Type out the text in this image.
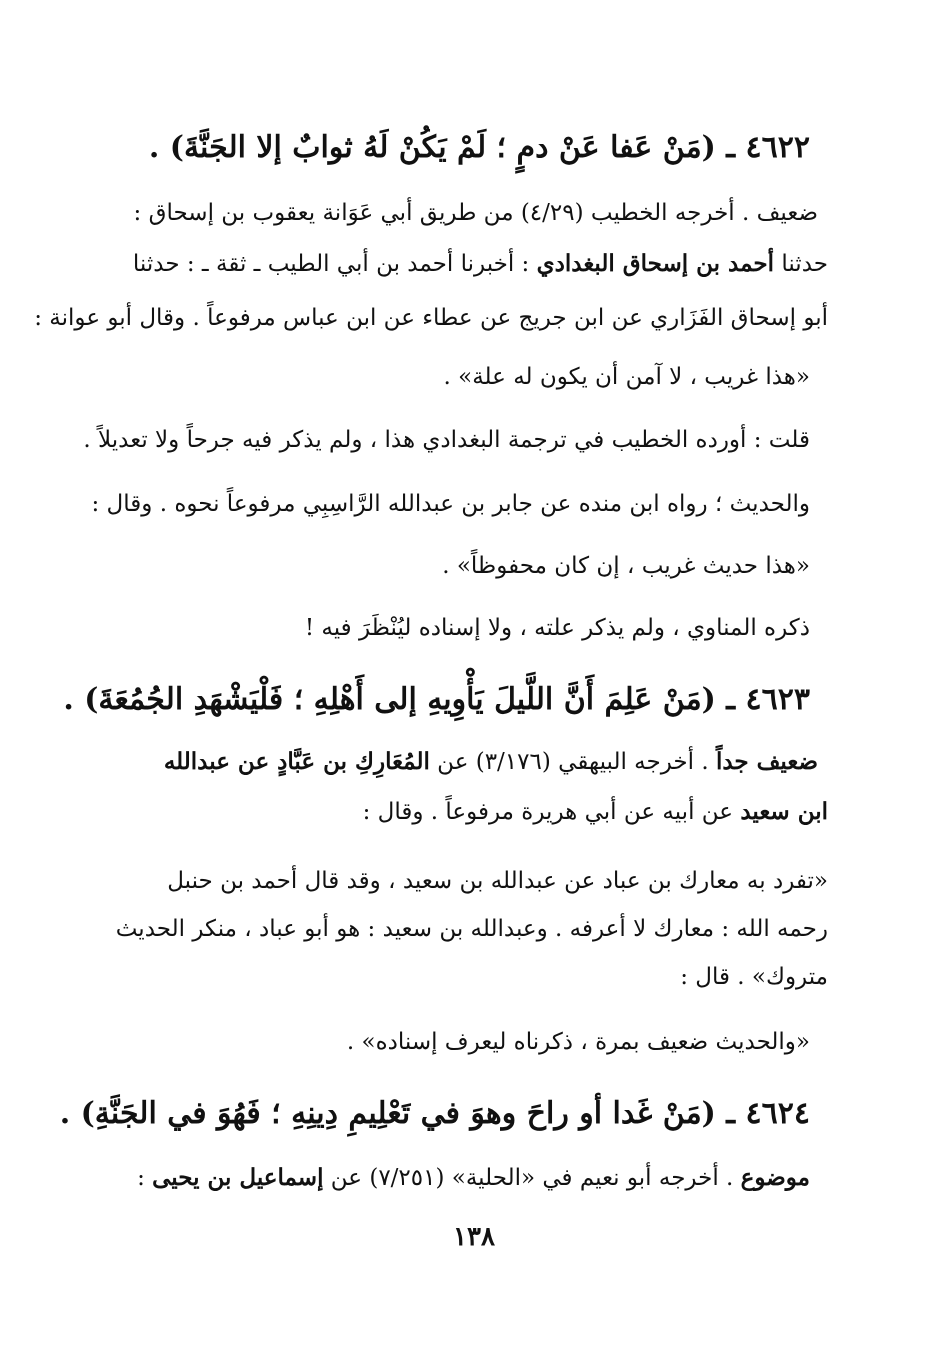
٤٦٢٢ ـ (مَنْ عَفا عَنْ دمٍ ؛ لَمْ يَكُنْ لَهُ ثوابٌ إلا الجَنَّةَ) .
ضعيف . أخرجه الخطيب (٤/٢٩) من طريق أبي عَوَانة يعقوب بن إسحاق :
حدثنا أحمد بن إسحاق البغدادي : أخبرنا أحمد بن أبي الطيب ـ ثقة ـ : حدثنا
أبو إسحاق الفَزَاري عن ابن جريج عن عطاء عن ابن عباس مرفوعاً . وقال أبو عوانة :
«هذا غريب ، لا آمن أن يكون له علة» .
قلت : أورده الخطيب في ترجمة البغدادي هذا ، ولم يذكر فيه جرحاً ولا تعديلاً .
والحديث ؛ رواه ابن منده عن جابر بن عبدالله الرَّاسِبِي مرفوعاً نحوه . وقال :
«هذا حديث غريب ، إن كان محفوظاً» .
ذكره المناوي ، ولم يذكر علته ، ولا إسناده ليُنْظَرَ فيه !
٤٦٢٣ ـ (مَنْ عَلِمَ أَنَّ اللَّيلَ يَأْوِيهِ إلى أَهْلِهِ ؛ فَلْيَشْهَدِ الجُمُعَةَ) .
ضعيف جداً . أخرجه البيهقي (٣/١٧٦) عن المُعَارِكِ بن عَبَّادٍ عن عبدالله
ابن سعيد عن أبيه عن أبي هريرة مرفوعاً . وقال :
«تفرد به معارك بن عباد عن عبدالله بن سعيد ، وقد قال أحمد بن حنبل
رحمه الله : معارك لا أعرفه . وعبدالله بن سعيد : هو أبو عباد ، منكر الحديث
متروك» . قال :
«والحديث ضعيف بمرة ، ذكرناه ليعرف إسناده» .
٤٦٢٤ ـ (مَنْ غَدا أو راحَ وهوَ في تَعْلِيمِ دِينِهِ ؛ فَهُوَ في الجَنَّةِ) .
موضوع . أخرجه أبو نعيم في «الحلية» (٧/٢٥١) عن إسماعيل بن يحيى :
١٣٨
